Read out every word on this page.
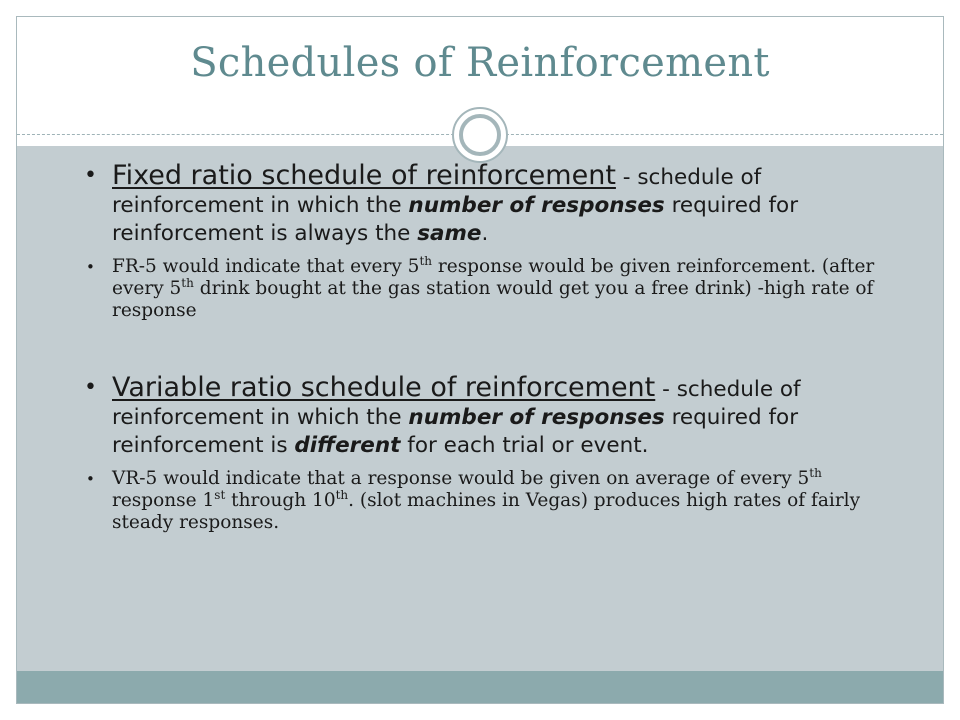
Schedules of Reinforcement
• Fixed ratio schedule of reinforcement - schedule of reinforcement in which the number of responses required for reinforcement is always the same.
• FR-5 would indicate that every 5th response would be given reinforcement. (after every 5th drink bought at the gas station would get you a free drink) -high rate of response
• Variable ratio schedule of reinforcement - schedule of reinforcement in which the number of responses required for reinforcement is different for each trial or event.
• VR-5 would indicate that a response would be given on average of every 5th response 1st through 10th. (slot machines in Vegas) produces high rates of fairly steady responses.
